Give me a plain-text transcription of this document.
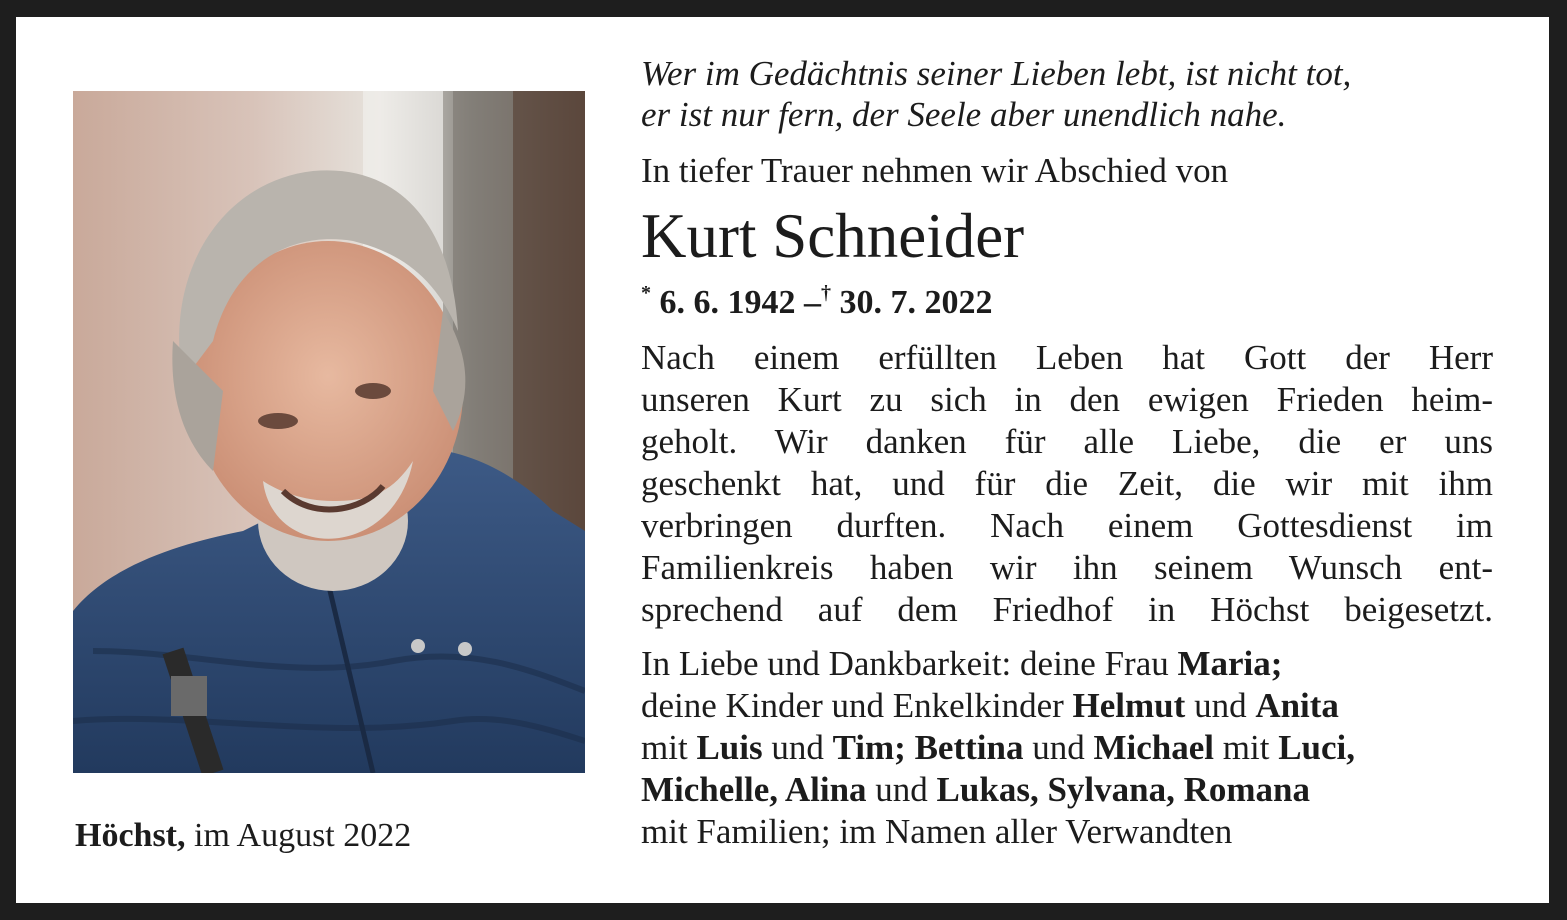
Höchst, im August 2022
Wer im Gedächtnis seiner Lieben lebt, ist nicht tot,
er ist nur fern, der Seele aber unendlich nahe.
In tiefer Trauer nehmen wir Abschied von
Kurt Schneider
* 6. 6. 1942 –† 30. 7. 2022
Nach einem erfüllten Leben hat Gott der Herr
unseren Kurt zu sich in den ewigen Frieden heim-
geholt. Wir danken für alle Liebe, die er uns
geschenkt hat, und für die Zeit, die wir mit ihm
verbringen durften. Nach einem Gottesdienst im
Familienkreis haben wir ihn seinem Wunsch ent-
sprechend auf dem Friedhof in Höchst beigesetzt.
In Liebe und Dankbarkeit: deine Frau Maria;
deine Kinder und Enkelkinder Helmut und Anita
mit Luis und Tim; Bettina und Michael mit Luci,
Michelle, Alina und Lukas, Sylvana, Romana
mit Familien; im Namen aller Verwandten
